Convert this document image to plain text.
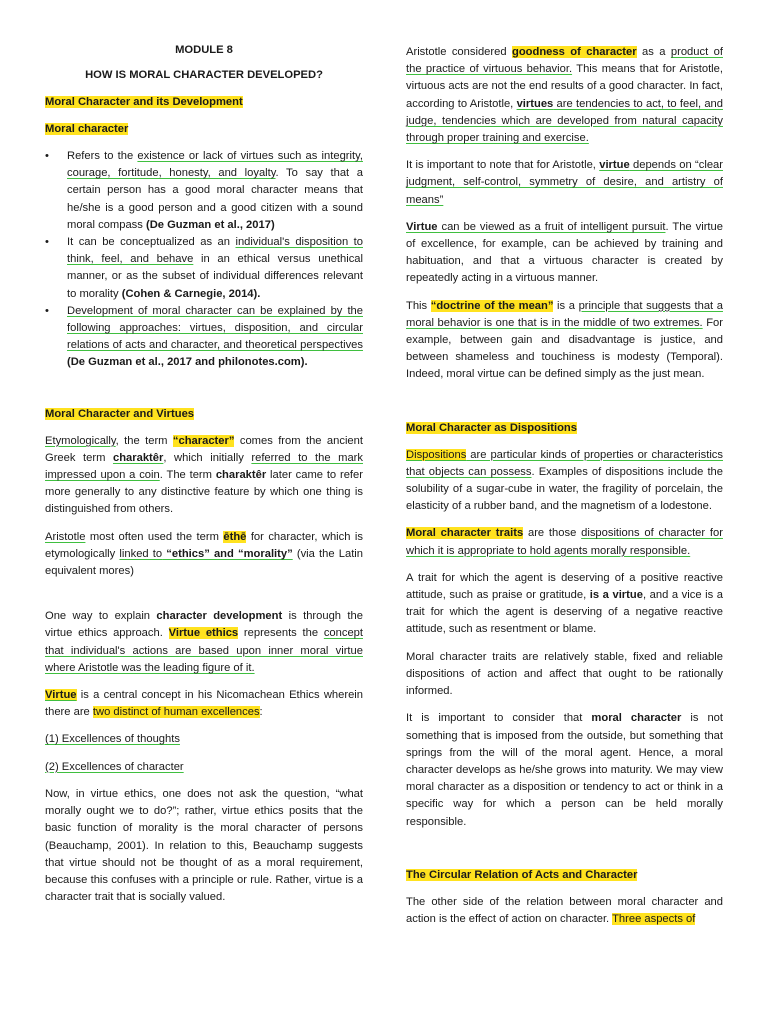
MODULE 8
HOW IS MORAL CHARACTER DEVELOPED?
Moral Character and its Development
Moral character
• Refers to the existence or lack of virtues such as integrity, courage, fortitude, honesty, and loyalty. To say that a certain person has a good moral character means that he/she is a good person and a good citizen with a sound moral compass (De Guzman et al., 2017)
• It can be conceptualized as an individual's disposition to think, feel, and behave in an ethical versus unethical manner, or as the subset of individual differences relevant to morality (Cohen & Carnegie, 2014).
• Development of moral character can be explained by the following approaches: virtues, disposition, and circular relations of acts and character, and theoretical perspectives (De Guzman et al., 2017 and philonotes.com).
Moral Character and Virtues

Etymologically, the term “character” comes from the ancient Greek term charaktêr, which initially referred to the mark impressed upon a coin. The term charaktêr later came to refer more generally to any distinctive feature by which one thing is distinguished from others.

Aristotle most often used the term ēthē for character, which is etymologically linked to “ethics” and “morality” (via the Latin equivalent mores)

One way to explain character development is through the virtue ethics approach. Virtue ethics represents the concept that individual's actions are based upon inner moral virtue where Aristotle was the leading figure of it.

Virtue is a central concept in his Nicomachean Ethics wherein there are two distinct of human excellences:

(1) Excellences of thoughts

(2) Excellences of character

Now, in virtue ethics, one does not ask the question, “what morally ought we to do?”; rather, virtue ethics posits that the basic function of morality is the moral character of persons (Beauchamp, 2001). In relation to this, Beauchamp suggests that virtue should not be thought of as a moral requirement, because this confuses with a principle or rule. Rather, virtue is a character trait that is socially valued.

Aristotle considered goodness of character as a product of the practice of virtuous behavior. This means that for Aristotle, virtuous acts are not the end results of a good character. In fact, according to Aristotle, virtues are tendencies to act, to feel, and judge, tendencies which are developed from natural capacity through proper training and exercise.

It is important to note that for Aristotle, virtue depends on “clear judgment, self-control, symmetry of desire, and artistry of means”

Virtue can be viewed as a fruit of intelligent pursuit. The virtue of excellence, for example, can be achieved by training and habituation, and that a virtuous character is created by repeatedly acting in a virtuous manner.

This “doctrine of the mean” is a principle that suggests that a moral behavior is one that is in the middle of two extremes. For example, between gain and disadvantage is justice, and between shameless and touchiness is modesty (Temporal). Indeed, moral virtue can be defined simply as the just mean.

Moral Character as Dispositions

Dispositions are particular kinds of properties or characteristics that objects can possess. Examples of dispositions include the solubility of a sugar-cube in water, the fragility of porcelain, the elasticity of a rubber band, and the magnetism of a lodestone.

Moral character traits are those dispositions of character for which it is appropriate to hold agents morally responsible.

A trait for which the agent is deserving of a positive reactive attitude, such as praise or gratitude, is a virtue, and a vice is a trait for which the agent is deserving of a negative reactive attitude, such as resentment or blame.

Moral character traits are relatively stable, fixed and reliable dispositions of action and affect that ought to be rationally informed.

It is important to consider that moral character is not something that is imposed from the outside, but something that springs from the will of the moral agent. Hence, a moral character develops as he/she grows into maturity. We may view moral character as a disposition or tendency to act or think in a specific way for which a person can be held morally responsible.

The Circular Relation of Acts and Character

The other side of the relation between moral character and action is the effect of action on character. Three aspects of
